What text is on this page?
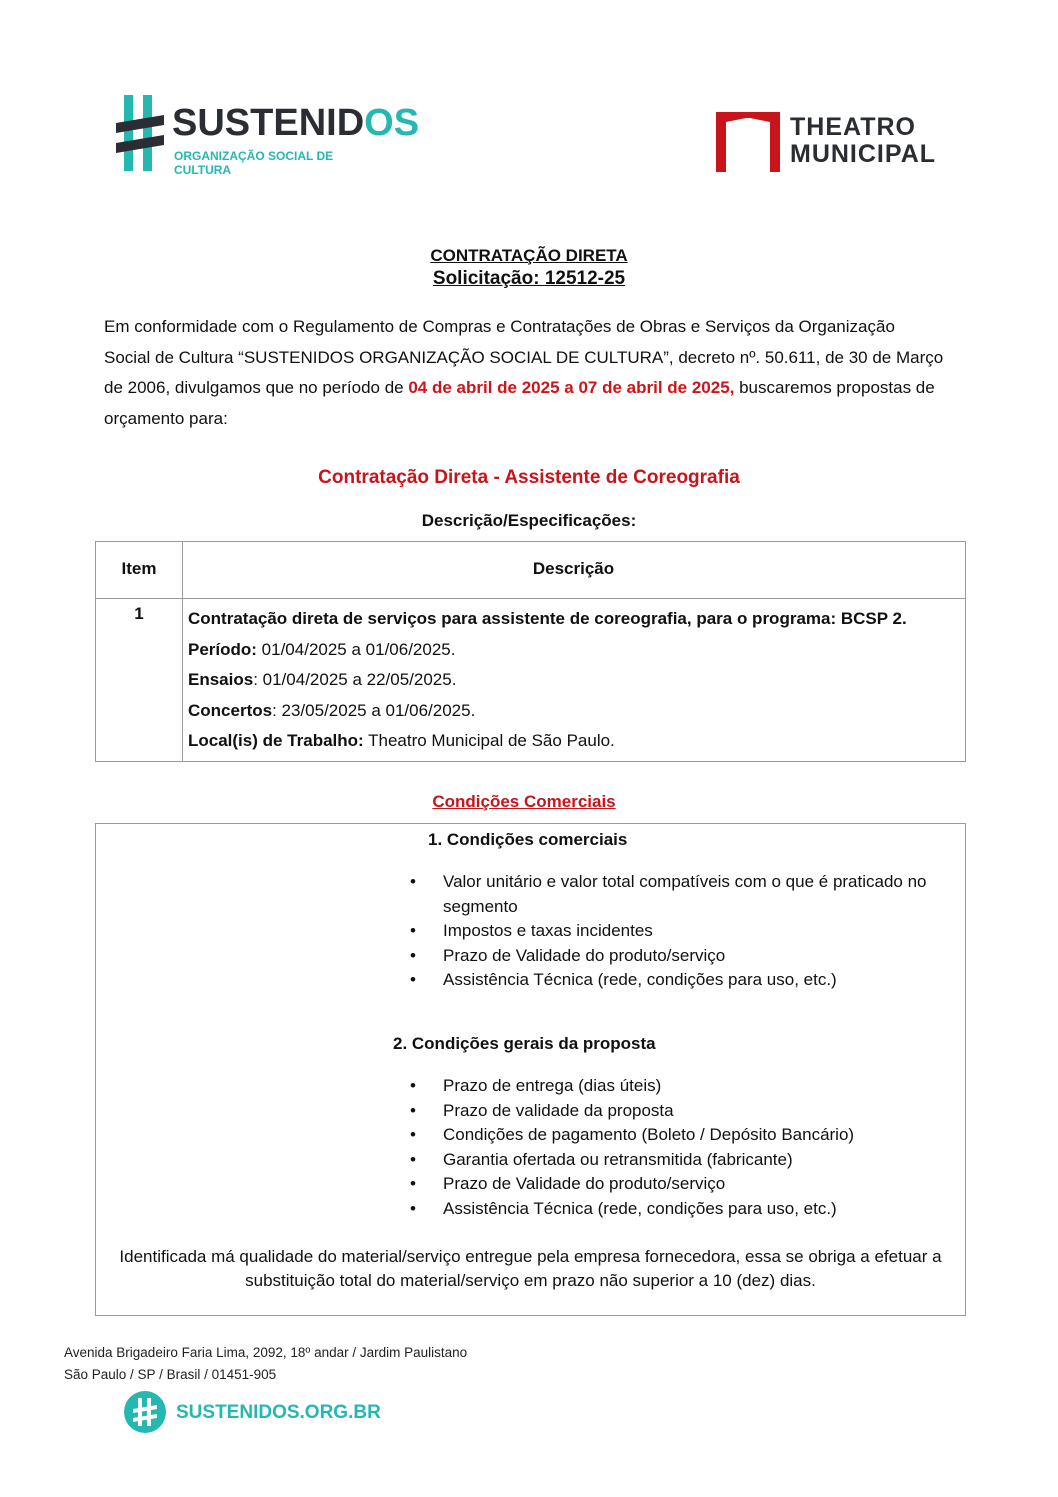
SUSTENIDOS
ORGANIZAÇÃO SOCIAL DE CULTURA
THEATRO
MUNICIPAL
CONTRATAÇÃO DIRETA
Solicitação: 12512-25
Em conformidade com o Regulamento de Compras e Contratações de Obras e Serviços da Organização Social de Cultura “SUSTENIDOS ORGANIZAÇÃO SOCIAL DE CULTURA”, decreto nº. 50.611, de 30 de Março de 2006, divulgamos que no período de 04 de abril de 2025 a 07 de abril de 2025, buscaremos propostas de orçamento para:
Contratação Direta - Assistente de Coreografia
Descrição/Especificações:
Item	Descrição
1	Contratação direta de serviços para assistente de coreografia, para o programa: BCSP 2.
Período: 01/04/2025 a 01/06/2025.
Ensaios: 01/04/2025 a 22/05/2025.
Concertos: 23/05/2025 a 01/06/2025.
Local(is) de Trabalho: Theatro Municipal de São Paulo.
Condições Comerciais
1. Condições comerciais
• Valor unitário e valor total compatíveis com o que é praticado no segmento
• Impostos e taxas incidentes
• Prazo de Validade do produto/serviço
• Assistência Técnica (rede, condições para uso, etc.)
2. Condições gerais da proposta
• Prazo de entrega (dias úteis)
• Prazo de validade da proposta
• Condições de pagamento (Boleto / Depósito Bancário)
• Garantia ofertada ou retransmitida (fabricante)
• Prazo de Validade do produto/serviço
• Assistência Técnica (rede, condições para uso, etc.)
Identificada má qualidade do material/serviço entregue pela empresa fornecedora, essa se obriga a efetuar a substituição total do material/serviço em prazo não superior a 10 (dez) dias.
Avenida Brigadeiro Faria Lima, 2092, 18º andar / Jardim Paulistano
São Paulo / SP / Brasil / 01451-905
SUSTENIDOS.ORG.BR
